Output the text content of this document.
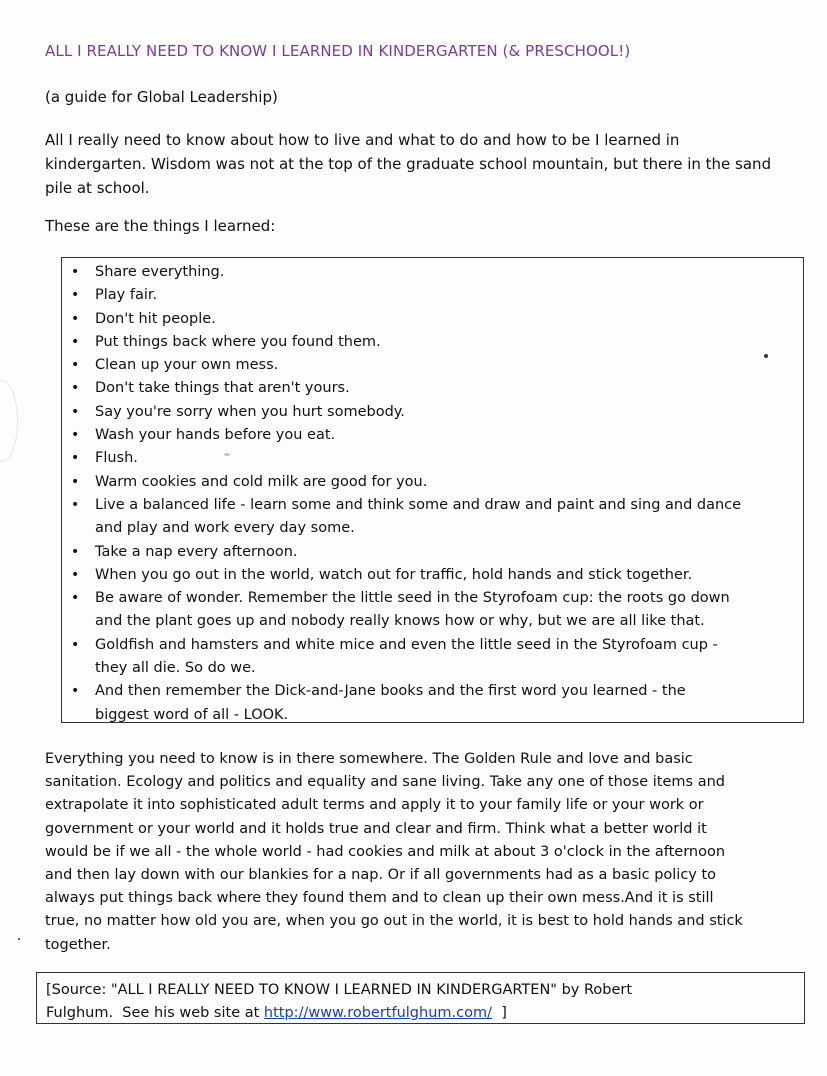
ALL I REALLY NEED TO KNOW I LEARNED IN KINDERGARTEN (& PRESCHOOL!)
(a guide for Global Leadership)
All I really need to know about how to live and what to do and how to be I learned in
kindergarten. Wisdom was not at the top of the graduate school mountain, but there in the sand
pile at school.
These are the things I learned:
• Share everything.
• Play fair.
• Don't hit people.
• Put things back where you found them.
• Clean up your own mess.
• Don't take things that aren't yours.
• Say you're sorry when you hurt somebody.
• Wash your hands before you eat.
• Flush.
• Warm cookies and cold milk are good for you.
• Live a balanced life - learn some and think some and draw and paint and sing and dance
and play and work every day some.
• Take a nap every afternoon.
• When you go out in the world, watch out for traffic, hold hands and stick together.
• Be aware of wonder. Remember the little seed in the Styrofoam cup: the roots go down
and the plant goes up and nobody really knows how or why, but we are all like that.
• Goldfish and hamsters and white mice and even the little seed in the Styrofoam cup -
they all die. So do we.
• And then remember the Dick-and-Jane books and the first word you learned - the
biggest word of all - LOOK.
Everything you need to know is in there somewhere. The Golden Rule and love and basic
sanitation. Ecology and politics and equality and sane living. Take any one of those items and
extrapolate it into sophisticated adult terms and apply it to your family life or your work or
government or your world and it holds true and clear and firm. Think what a better world it
would be if we all - the whole world - had cookies and milk at about 3 o'clock in the afternoon
and then lay down with our blankies for a nap. Or if all governments had as a basic policy to
always put things back where they found them and to clean up their own mess.And it is still
true, no matter how old you are, when you go out in the world, it is best to hold hands and stick
together.
[Source: "ALL I REALLY NEED TO KNOW I LEARNED IN KINDERGARTEN" by Robert
Fulghum.  See his web site at http://www.robertfulghum.com/  ]
